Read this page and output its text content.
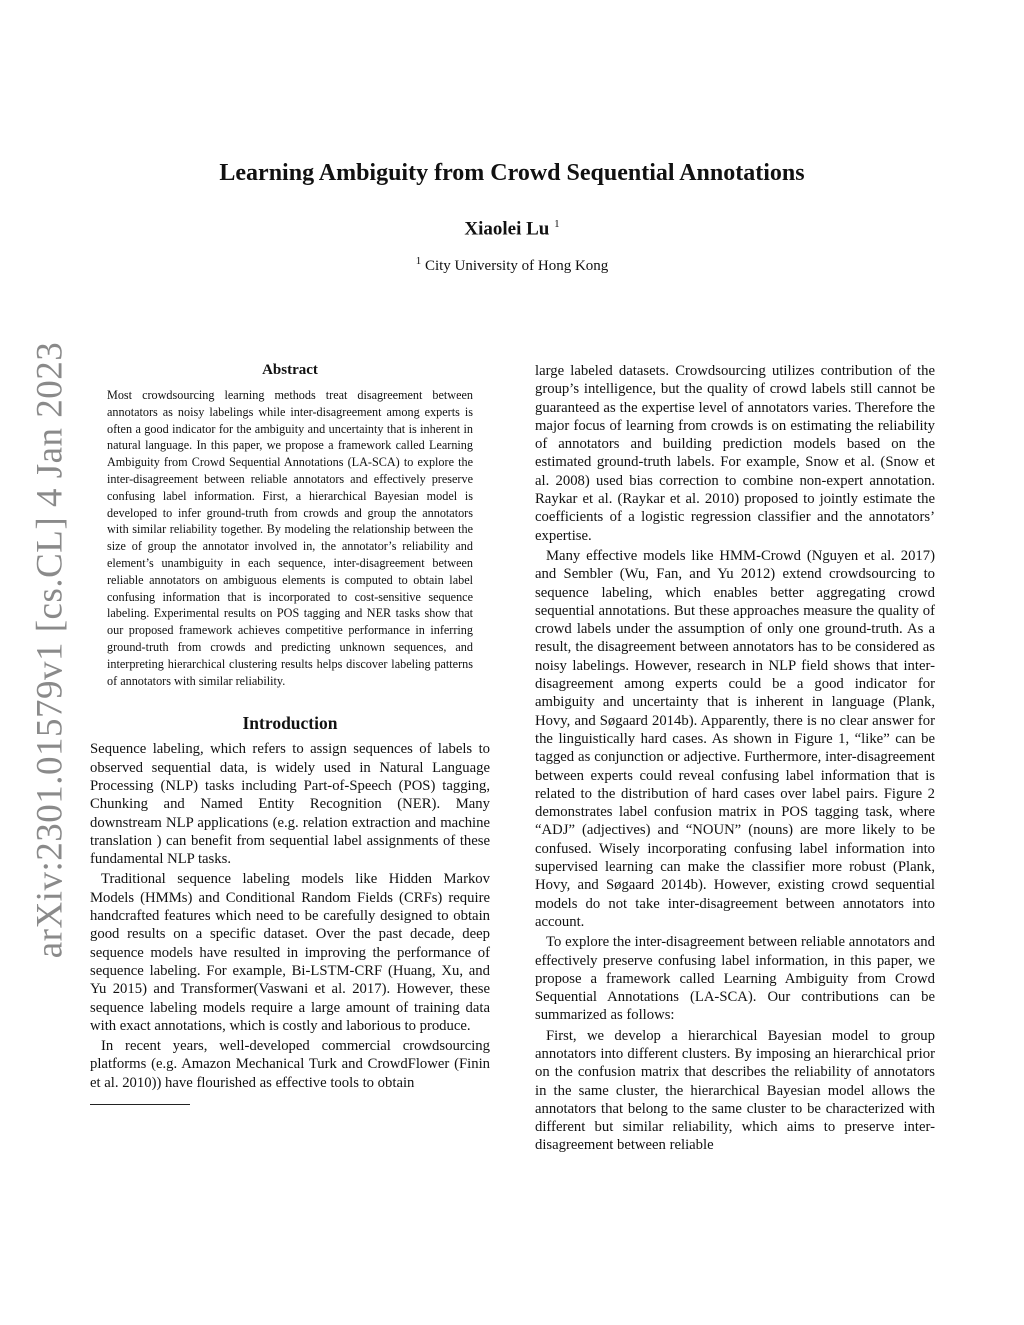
arXiv:2301.01579v1 [cs.CL] 4 Jan 2023
Learning Ambiguity from Crowd Sequential Annotations
Xiaolei Lu $^1$
$^1$ City University of Hong Kong
Abstract

Most crowdsourcing learning methods treat disagreement between annotators as noisy labelings while inter-disagreement among experts is often a good indicator for the ambiguity and uncertainty that is inherent in natural language. In this paper, we propose a framework called Learning Ambiguity from Crowd Sequential Annotations (LA-SCA) to explore the inter-disagreement between reliable annotators and effectively preserve confusing label information. First, a hierarchical Bayesian model is developed to infer ground-truth from crowds and group the annotators with similar reliability together. By modeling the relationship between the size of group the annotator involved in, the annotator’s reliability and element’s unambiguity in each sequence, inter-disagreement between reliable annotators on ambiguous elements is computed to obtain label confusing information that is incorporated to cost-sensitive sequence labeling. Experimental results on POS tagging and NER tasks show that our proposed framework achieves competitive performance in inferring ground-truth from crowds and predicting unknown sequences, and interpreting hierarchical clustering results helps discover labeling patterns of annotators with similar reliability.

Introduction

Sequence labeling, which refers to assign sequences of labels to observed sequential data, is widely used in Natural Language Processing (NLP) tasks including Part-of-Speech (POS) tagging, Chunking and Named Entity Recognition (NER). Many downstream NLP applications (e.g. relation extraction and machine translation ) can benefit from sequential label assignments of these fundamental NLP tasks.

Traditional sequence labeling models like Hidden Markov Models (HMMs) and Conditional Random Fields (CRFs) require handcrafted features which need to be carefully designed to obtain good results on a specific dataset. Over the past decade, deep sequence models have resulted in improving the performance of sequence labeling. For example, Bi-LSTM-CRF (Huang, Xu, and Yu 2015) and Transformer(Vaswani et al. 2017). However, these sequence labeling models require a large amount of training data with exact annotations, which is costly and laborious to produce.

In recent years, well-developed commercial crowdsourcing platforms (e.g. Amazon Mechanical Turk and CrowdFlower (Finin et al. 2010)) have flourished as effective tools to obtain

large labeled datasets. Crowdsourcing utilizes contribution of the group’s intelligence, but the quality of crowd labels still cannot be guaranteed as the expertise level of annotators varies. Therefore the major focus of learning from crowds is on estimating the reliability of annotators and building prediction models based on the estimated ground-truth labels. For example, Snow et al. (Snow et al. 2008) used bias correction to combine non-expert annotation. Raykar et al. (Raykar et al. 2010) proposed to jointly estimate the coefficients of a logistic regression classifier and the annotators’ expertise.

Many effective models like HMM-Crowd (Nguyen et al. 2017) and Sembler (Wu, Fan, and Yu 2012) extend crowdsourcing to sequence labeling, which enables better aggregating crowd sequential annotations. But these approaches measure the quality of crowd labels under the assumption of only one ground-truth. As a result, the disagreement between annotators has to be considered as noisy labelings. However, research in NLP field shows that inter-disagreement among experts could be a good indicator for ambiguity and uncertainty that is inherent in language (Plank, Hovy, and Søgaard 2014b). Apparently, there is no clear answer for the linguistically hard cases. As shown in Figure 1, “like” can be tagged as conjunction or adjective. Furthermore, inter-disagreement between experts could reveal confusing label information that is related to the distribution of hard cases over label pairs. Figure 2 demonstrates label confusion matrix in POS tagging task, where “ADJ” (adjectives) and “NOUN” (nouns) are more likely to be confused. Wisely incorporating confusing label information into supervised learning can make the classifier more robust (Plank, Hovy, and Søgaard 2014b). However, existing crowd sequential models do not take inter-disagreement between annotators into account.

To explore the inter-disagreement between reliable annotators and effectively preserve confusing label information, in this paper, we propose a framework called Learning Ambiguity from Crowd Sequential Annotations (LA-SCA). Our contributions can be summarized as follows:

First, we develop a hierarchical Bayesian model to group annotators into different clusters. By imposing an hierarchical prior on the confusion matrix that describes the reliability of annotators in the same cluster, the hierarchical Bayesian model allows the annotators that belong to the same cluster to be characterized with different but similar reliability, which aims to preserve inter-disagreement between reliable
